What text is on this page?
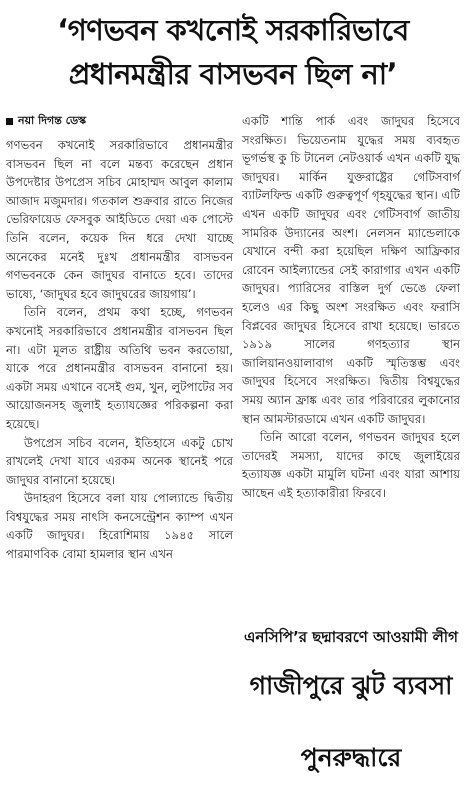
‘গণভবন কখনোই সরকারিভাবে
প্রধানমন্ত্রীর বাসভবন ছিল না’
নয়া দিগন্ত ডেস্ক

গণভবন কখনোই সরকারিভাবে প্রধানমন্ত্রীর বাসভবন ছিল না বলে মন্তব্য করেছেন প্রধান উপদেষ্টার উপপ্রেস সচিব মোহাম্মদ আবুল কালাম আজাদ মজুমদার। গতকাল শুক্রবার রাতে নিজের ভেরিফায়েড ফেসবুক আইডিতে দেয়া এক পোস্টে তিনি বলেন, কয়েক দিন ধরে দেখা যাচ্ছে অনেকের মনেই দুঃখ প্রধানমন্ত্রীর বাসভবন গণভবনকে কেন জাদুঘর বানাতে হবে। তাদের ভাষ্যে, ‘জাদুঘর হবে জাদুঘরের জায়গায়’।

তিনি বলেন, প্রথম কথা হচ্ছে, গণভবন কখনোই সরকারিভাবে প্রধানমন্ত্রীর বাসভবন ছিল না। এটা মূলত রাষ্ট্রীয় অতিথি ভবন করতোয়া, যাকে পরে প্রধানমন্ত্রীর বাসভবন বানানো হয়। একটা সময় এখানে বসেই গুম, খুন, লুটপাটের সব আয়োজনসহ জুলাই হত্যাযজ্ঞের পরিকল্পনা করা হয়েছে।

উপপ্রেস সচিব বলেন, ইতিহাসে একটু চোখ রাখলেই দেখা যাবে এরকম অনেক স্থানেই পরে জাদুঘর বানানো হয়েছে।

উদাহরণ হিসেবে বলা যায় পোল্যান্ডে দ্বিতীয় বিশ্বযুদ্ধের সময় নাৎসি কনসেন্ট্রেশন ক্যাম্প এখন একটি জাদুঘর। হিরোশিমায় ১৯৪৫ সালে পারমাণবিক বোমা হামলার স্থান এখন

একটি শান্তি পার্ক এবং জাদুঘর হিসেবে সংরক্ষিত। ভিয়েতনাম যুদ্ধের সময় ব্যবহৃত ভূগর্ভস্থ কু চি টানেল নেটওয়ার্ক এখন একটি যুদ্ধ জাদুঘর। মার্কিন যুক্তরাষ্ট্রের গেটিসবার্গ ব্যাটলফিল্ড একটি গুরুত্বপূর্ণ গৃহযুদ্ধের স্থান। এটি এখন একটি জাদুঘর এবং গেটিসবার্গ জাতীয় সামরিক উদ্যানের অংশ। নেলসন ম্যান্ডেলাকে যেখানে বন্দী করা হয়েছিল দক্ষিণ আফ্রিকার রোবেন আইল্যান্ডের সেই কারাগার এখন একটি জাদুঘর। প্যারিসের বাস্তিল দুর্গ ভেঙে ফেলা হলেও এর কিছু অংশ সংরক্ষিত এবং ফরাসি বিপ্লবের জাদুঘর হিসেবে রাখা হয়েছে। ভারতে ১৯১৯ সালের গণহত্যার স্থান জালিয়ানওয়ালাবাগ একটি স্মৃতিস্তম্ভ এবং জাদুঘর হিসেবে সংরক্ষিত। দ্বিতীয় বিশ্বযুদ্ধের সময় অ্যান ফ্রাঙ্ক এবং তার পরিবারের লুকানোর স্থান আমস্টারডামে এখন একটি জাদুঘর।

তিনি আরো বলেন, গণভবন জাদুঘর হলে তাদেরই সমস্যা, যাদের কাছে জুলাইয়ের হত্যাযজ্ঞ একটা মামুলি ঘটনা এবং যারা আশায় আছেন এই হত্যাকারীরা ফিরবে।

এনসিপি’র ছদ্মাবরণে আওয়ামী লীগ
গাজীপুরে ঝুট ব্যবসা পুনরুদ্ধারে
